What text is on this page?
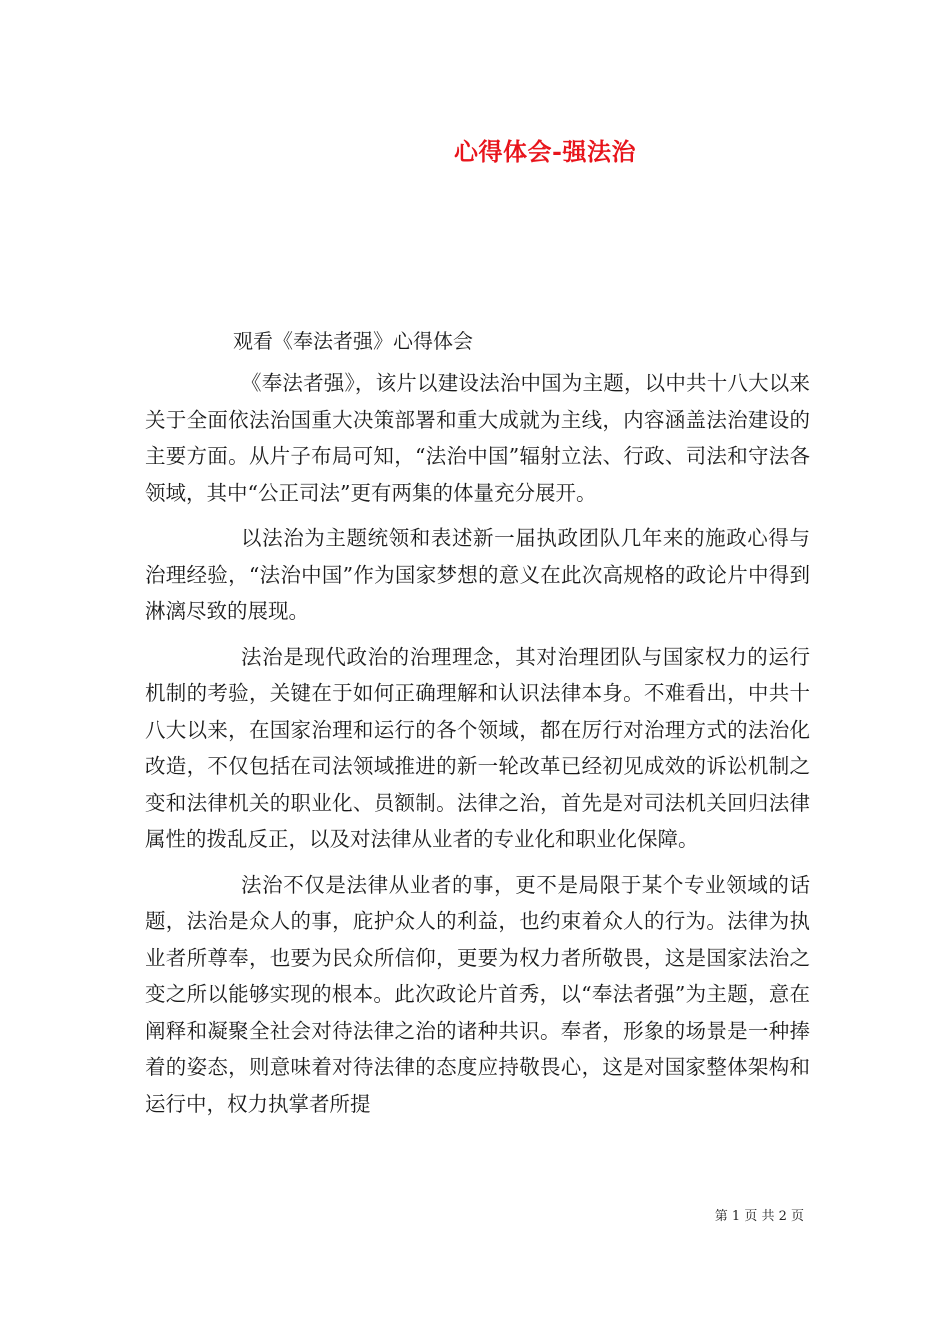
心得体会-强法治
观看《奉法者强》心得体会

《奉法者强》，该片以建设法治中国为主题，以中共十八大以来关于全面依法治国重大决策部署和重大成就为主线，内容涵盖法治建设的主要方面。从片子布局可知，“法治中国”辐射立法、行政、司法和守法各领域，其中“公正司法”更有两集的体量充分展开。

以法治为主题统领和表述新一届执政团队几年来的施政心得与治理经验，“法治中国”作为国家梦想的意义在此次高规格的政论片中得到淋漓尽致的展现。

法治是现代政治的治理理念，其对治理团队与国家权力的运行机制的考验，关键在于如何正确理解和认识法律本身。不难看出，中共十八大以来，在国家治理和运行的各个领域，都在厉行对治理方式的法治化改造，不仅包括在司法领域推进的新一轮改革已经初见成效的诉讼机制之变和法律机关的职业化、员额制。法律之治，首先是对司法机关回归法律属性的拨乱反正，以及对法律从业者的专业化和职业化保障。

法治不仅是法律从业者的事，更不是局限于某个专业领域的话题，法治是众人的事，庇护众人的利益，也约束着众人的行为。法律为执业者所尊奉，也要为民众所信仰，更要为权力者所敬畏，这是国家法治之变之所以能够实现的根本。此次政论片首秀，以“奉法者强”为主题，意在阐释和凝聚全社会对待法律之治的诸种共识。奉者，形象的场景是一种捧着的姿态，则意味着对待法律的态度应持敬畏心，这是对国家整体架构和运行中，权力执掌者所提

第 1 页 共 2 页
